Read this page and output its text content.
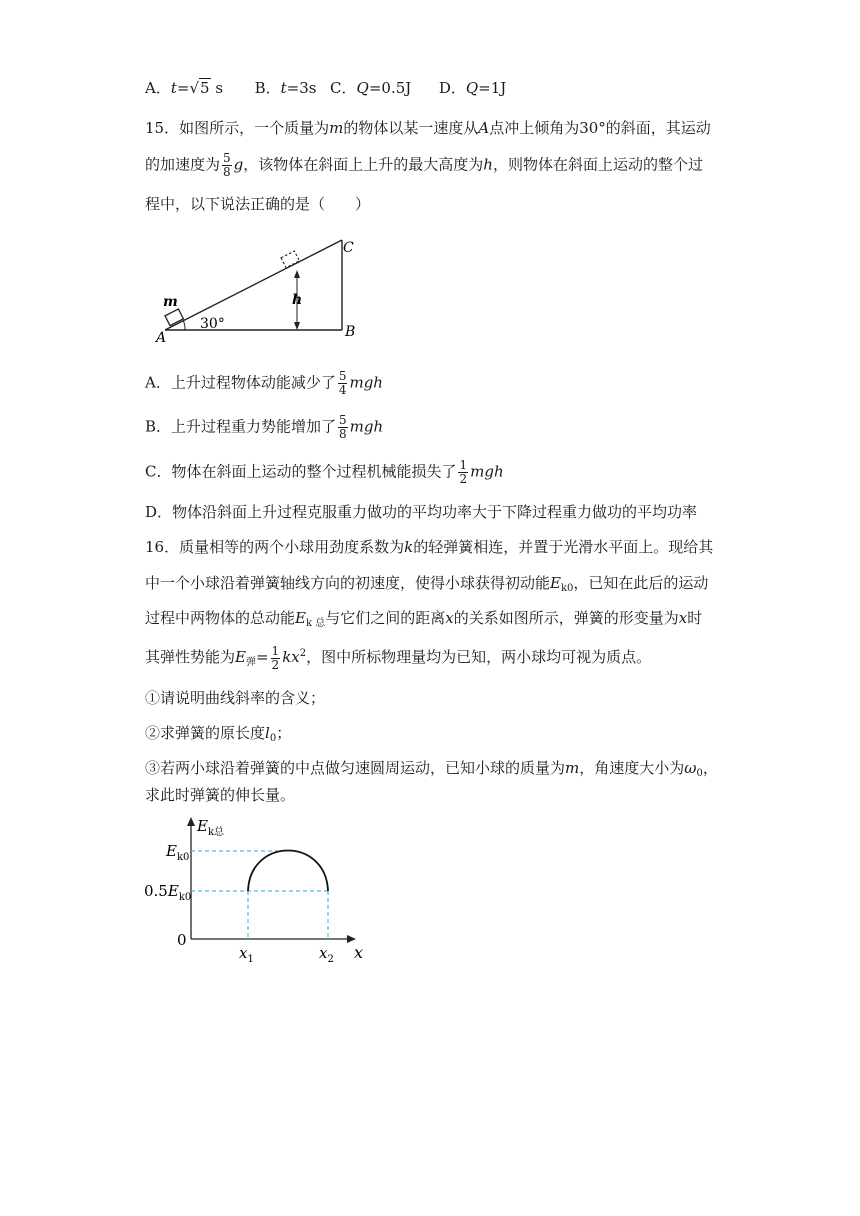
A．t=√5 s B．t=3s C．Q=0.5J D．Q=1J
15．如图所示，一个质量为m的物体以某一速度从A点冲上倾角为30°的斜面，其运动
的加速度为 $\frac{5}{8}$ g，该物体在斜面上上升的最大高度为h，则物体在斜面上运动的整个过
程中，以下说法正确的是（　　）
m
A	B
C
h
30°
A．上升过程物体动能减少了 $\frac{5}{4}$ mgh
B．上升过程重力势能增加了 $\frac{5}{8}$ mgh
C．物体在斜面上运动的整个过程机械能损失了 $\frac{1}{2}$ mgh
D．物体沿斜面上升过程克服重力做功的平均功率大于下降过程重力做功的平均功率
16．质量相等的两个小球用劲度系数为k的轻弹簧相连，并置于光滑水平面上。现给其
中一个小球沿着弹簧轴线方向的初速度，使得小球获得初动能$E_{k0}$，已知在此后的运动
过程中两物体的总动能$E_{k 总}$与它们之间的距离x的关系如图所示，弹簧的形变量为x时
其弹性势能为$E_弹= \frac{1}{2} kx^2$，图中所标物理量均为已知，两小球均可视为质点。
①请说明曲线斜率的含义；
②求弹簧的原长度$l_0$；
③若两小球沿着弹簧的中点做匀速圆周运动，已知小球的质量为m，角速度大小为$\omega_0$，
求此时弹簧的伸长量。
$E_{k总}$
$E_{k0}$
$0.5E_{k0}$
0
$x_1$	$x_2$ x
